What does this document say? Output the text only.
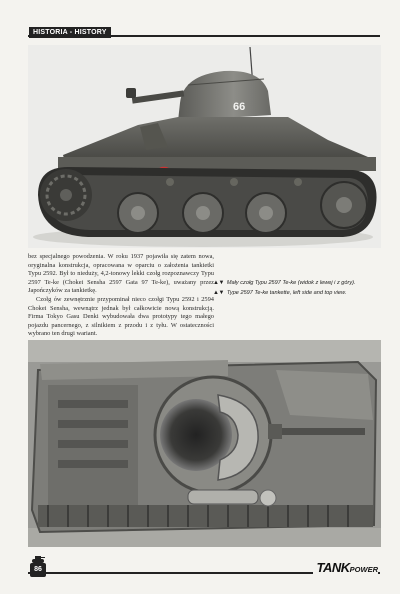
HISTORIA - HISTORY
66

bez specjalnego powodzenia. W roku 1937 pojawiła się zatem nowa, oryginalna konstrukcja, opracowana w oparciu o założenia tankietki Typu 2592. Był to nieduży, 4,2-tonowy lekki czołg rozpoznawczy Typu 2597 Te-ke (Chokei Sensha 2597 Gata 97 Te-ke), uważany przez Japończyków za tankietkę.

Czołg ów zewnętrznie przypominał nieco czołgi Typu 2592 i 2594 Chokei Sensha, wewnątrz jednak był całkowicie nową konstrukcją. Firma Tokyo Gasu Denki wybudowała dwa prototypy tego małego pojazdu pancernego, z silnikiem z przodu i z tyłu. W ostateczności wybrano ten drugi wariant.

▲▼ Mały czołg Typu 2597 Te-ke (widok z lewej i z góry).
▲▼ Type 2597 Te-ke tankette, left side and top view.
86	TANKPOWER
